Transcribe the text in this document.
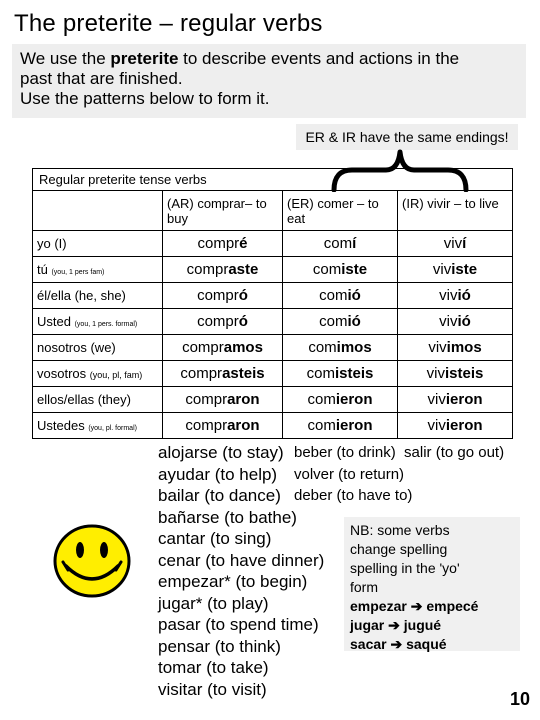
The preterite – regular verbs
We use the preterite to describe events and actions in the
past that are finished.
Use the patterns below to form it.
ER & IR have the same endings!
Regular preterite tense verbs			
	(AR) comprar– to buy	(ER) comer – to eat	(IR) vivir – to live
yo (I)	compré	comí	viví
tú (you, 1 pers fam)	compraste	comiste	viviste
él/ella (he, she)	compró	comió	vivió
Usted (you, 1 pers. formal)	compró	comió	vivió
nosotros (we)	compramos	comimos	vivimos
vosotros (you, pl, fam)	comprasteis	comisteis	vivisteis
ellos/ellas (they)	compraron	comieron	vivieron
Ustedes (you, pl. formal)	compraron	comieron	vivieron
alojarse (to stay)
ayudar (to help)
bailar (to dance)
bañarse (to bathe)
cantar (to sing)
cenar (to have dinner)
empezar* (to begin)
jugar* (to play)
pasar (to spend time)
pensar (to think)
tomar (to take)
visitar (to visit)
beber (to drink)  salir (to go out)
volver (to return)
deber (to have to)
NB: some verbs
change spelling
spelling in the 'yo'
form
empezar ➔ empecé
jugar ➔ jugué
sacar ➔ saqué
10
